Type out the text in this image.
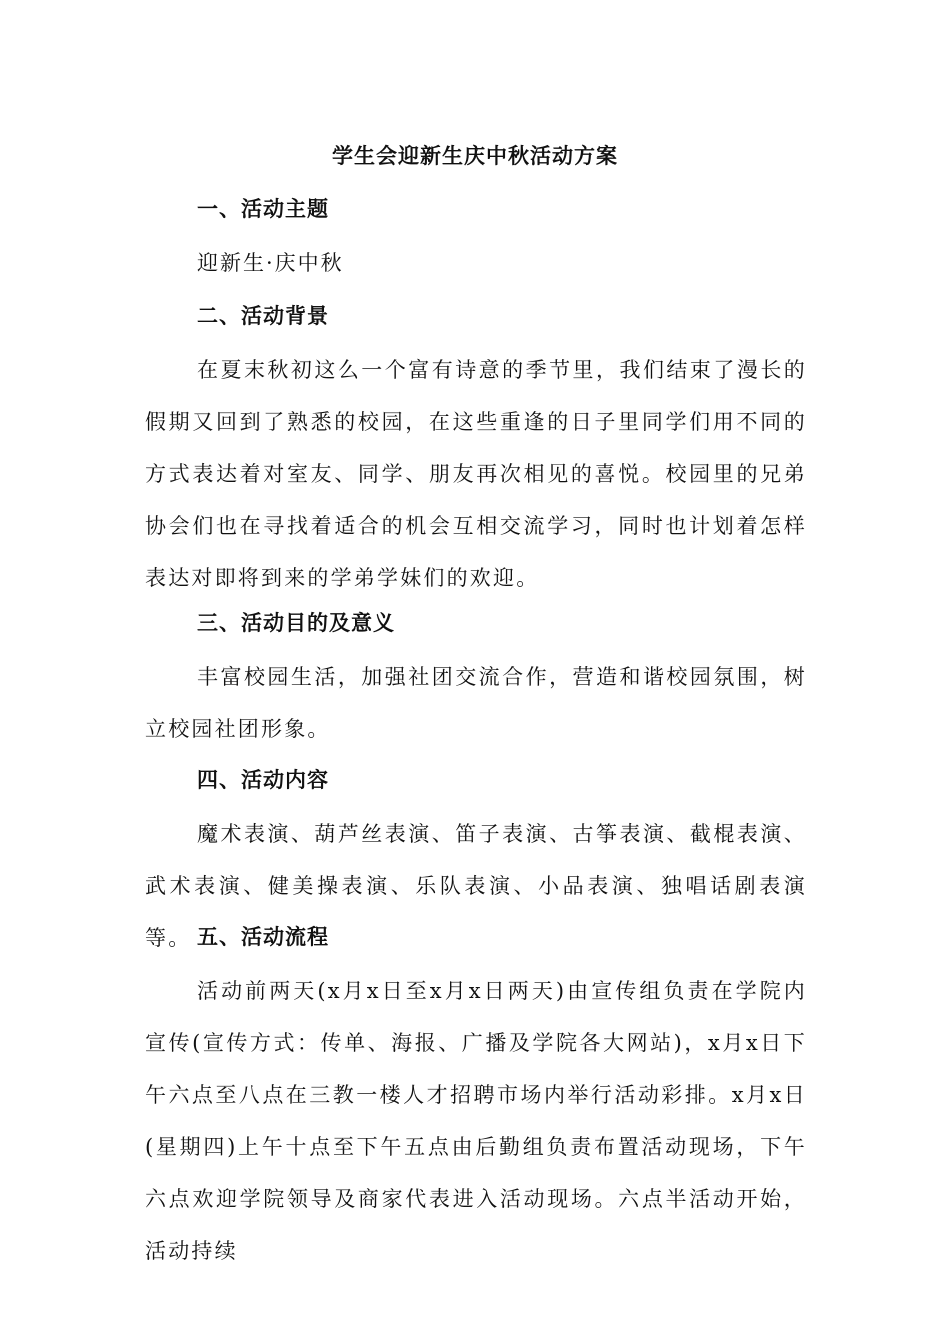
学生会迎新生庆中秋活动方案
一、活动主题
迎新生·庆中秋
二、活动背景
在夏末秋初这么一个富有诗意的季节里，我们结束了漫长的假期又回到了熟悉的校园，在这些重逢的日子里同学们用不同的方式表达着对室友、同学、朋友再次相见的喜悦。校园里的兄弟协会们也在寻找着适合的机会互相交流学习，同时也计划着怎样表达对即将到来的学弟学妹们的欢迎。
三、活动目的及意义
丰富校园生活，加强社团交流合作，营造和谐校园氛围，树立校园社团形象。
四、活动内容
魔术表演、葫芦丝表演、笛子表演、古筝表演、截棍表演、武术表演、健美操表演、乐队表演、小品表演、独唱话剧表演等。 五、活动流程
活动前两天(x月x日至x月x日两天)由宣传组负责在学院内宣传(宣传方式：传单、海报、广播及学院各大网站)，x月x日下午六点至八点在三教一楼人才招聘市场内举行活动彩排。x月x日(星期四)上午十点至下午五点由后勤组负责布置活动现场，下午六点欢迎学院领导及商家代表进入活动现场。六点半活动开始，活动持续
